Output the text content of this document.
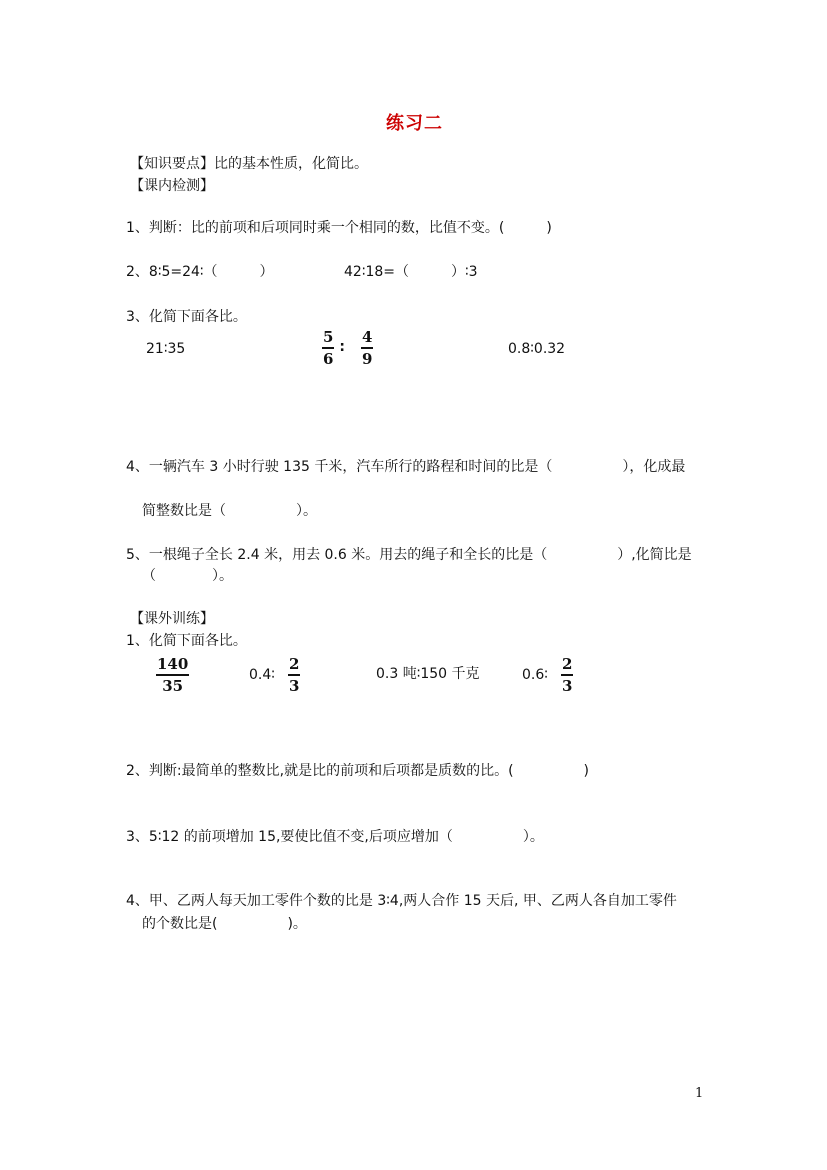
练习二
【知识要点】比的基本性质，化简比。
【课内检测】
1、判断：比的前项和后项同时乘一个相同的数，比值不变。(　　　)
2、8∶5=24∶（　　　）	42∶18=（　　　）∶3
3、化简下面各比。
21∶35
5
6
∶
4
9
0.8∶0.32
4、一辆汽车 3 小时行驶 135 千米，汽车所行的路程和时间的比是（　　　　　），化成最
简整数比是（　　　　　）。
5、一根绳子全长 2.4 米，用去 0.6 米。用去的绳子和全长的比是（　　　　　）,化简比是
（　　　　）。
【课外训练】
1、化简下面各比。
140
35
0.4∶
2
3
0.3 吨∶150 千克	0.6∶
2
3
2、判断:最简单的整数比,就是比的前项和后项都是质数的比。(　　　　　)
3、5∶12 的前项增加 15,要使比值不变,后项应增加（　　　　　）。
4、甲、乙两人每天加工零件个数的比是 3∶4,两人合作 15 天后, 甲、乙两人各自加工零件
的个数比是(　　　　　)。
1
